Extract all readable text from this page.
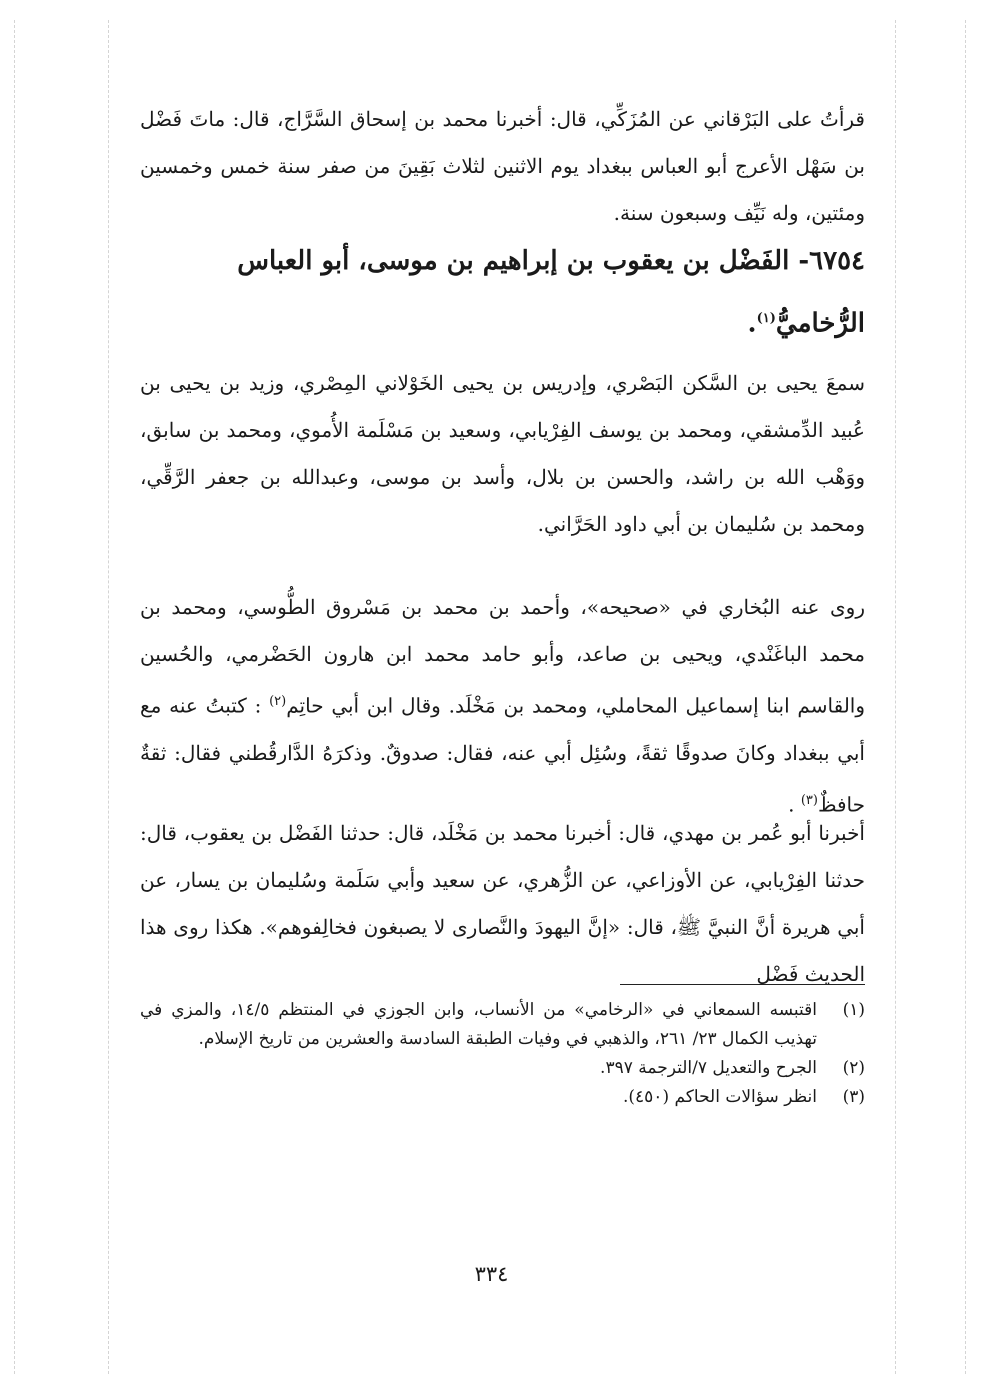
قرأتُ على البَرْقاني عن المُزَكِّي، قال: أخبرنا محمد بن إسحاق السَّرَّاج، قال: ماتَ فَضْل بن سَهْل الأعرج أبو العباس ببغداد يوم الاثنين لثلاث بَقِينَ من صفر سنة خمس وخمسين ومئتين، وله نَيِّف وسبعون سنة.

٦٧٥٤- الفَضْل بن يعقوب بن إبراهيم بن موسى، أبو العباس الرُّخاميُّ$^{(١)}$.

سمعَ يحيى بن السَّكن البَصْري، وإدريس بن يحيى الخَوْلاني المِصْري، وزيد بن يحيى بن عُبيد الدِّمشقي، ومحمد بن يوسف الفِرْيابي، وسعيد بن مَسْلَمة الأُموي، ومحمد بن سابق، ووَهْب الله بن راشد، والحسن بن بلال، وأسد بن موسى، وعبدالله بن جعفر الرَّقِّي، ومحمد بن سُليمان بن أبي داود الحَرَّاني.

روى عنه البُخاري في «صحيحه»، وأحمد بن محمد بن مَسْروق الطُّوسي، ومحمد بن محمد الباغَنْدي، ويحيى بن صاعد، وأبو حامد محمد ابن هارون الحَضْرمي، والحُسين والقاسم ابنا إسماعيل المحاملي، ومحمد بن مَخْلَد. وقال ابن أبي حاتِم$^{(٢)}$ : كتبتُ عنه مع أبي ببغداد وكانَ صدوقًا ثقةً، وسُئِل أبي عنه، فقال: صدوقٌ. وذكرَهُ الدَّارقُطني فقال: ثقةٌ حافظٌ$^{(٣)}$ .

أخبرنا أبو عُمر بن مهدي، قال: أخبرنا محمد بن مَخْلَد، قال: حدثنا الفَضْل بن يعقوب، قال: حدثنا الفِرْيابي، عن الأوزاعي، عن الزُّهري، عن سعيد وأبي سَلَمة وسُليمان بن يسار، عن أبي هريرة أنَّ النبيَّ ﷺ، قال: «إنَّ اليهودَ والنَّصارى لا يصبغون فخالِفوهم». هكذا روى هذا الحديث فَضْل

(١)
اقتبسه السمعاني في «الرخامي» من الأنساب، وابن الجوزي في المنتظم ١٤/٥، والمزي في تهذيب الكمال ٢٣/ ٢٦١، والذهبي في وفيات الطبقة السادسة والعشرين من تاريخ الإسلام.
(٢)
الجرح والتعديل ٧/الترجمة ٣٩٧.
(٣)
انظر سؤالات الحاكم (٤٥٠).
٣٣٤
